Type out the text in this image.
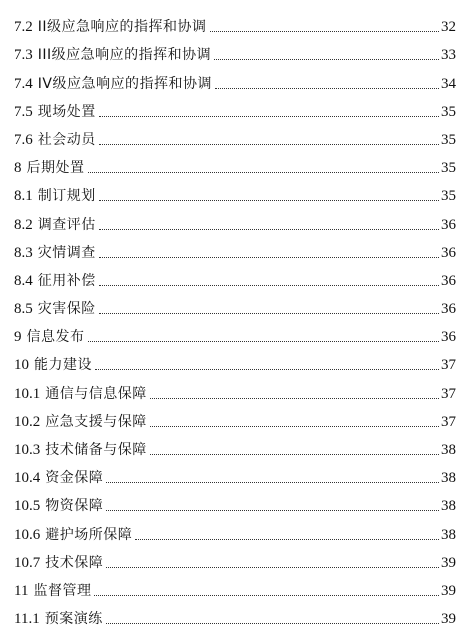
7.2 II级应急响应的指挥和协调	32
7.3 III级应急响应的指挥和协调	33
7.4 IV级应急响应的指挥和协调	34
7.5 现场处置	35
7.6 社会动员	35
8 后期处置	35
8.1 制订规划	35
8.2 调查评估	36
8.3 灾情调查	36
8.4 征用补偿	36
8.5 灾害保险	36
9 信息发布	36
10 能力建设	37
10.1 通信与信息保障	37
10.2 应急支援与保障	37
10.3 技术储备与保障	38
10.4 资金保障	38
10.5 物资保障	38
10.6 避护场所保障	38
10.7 技术保障	39
11 监督管理	39
11.1 预案演练	39
